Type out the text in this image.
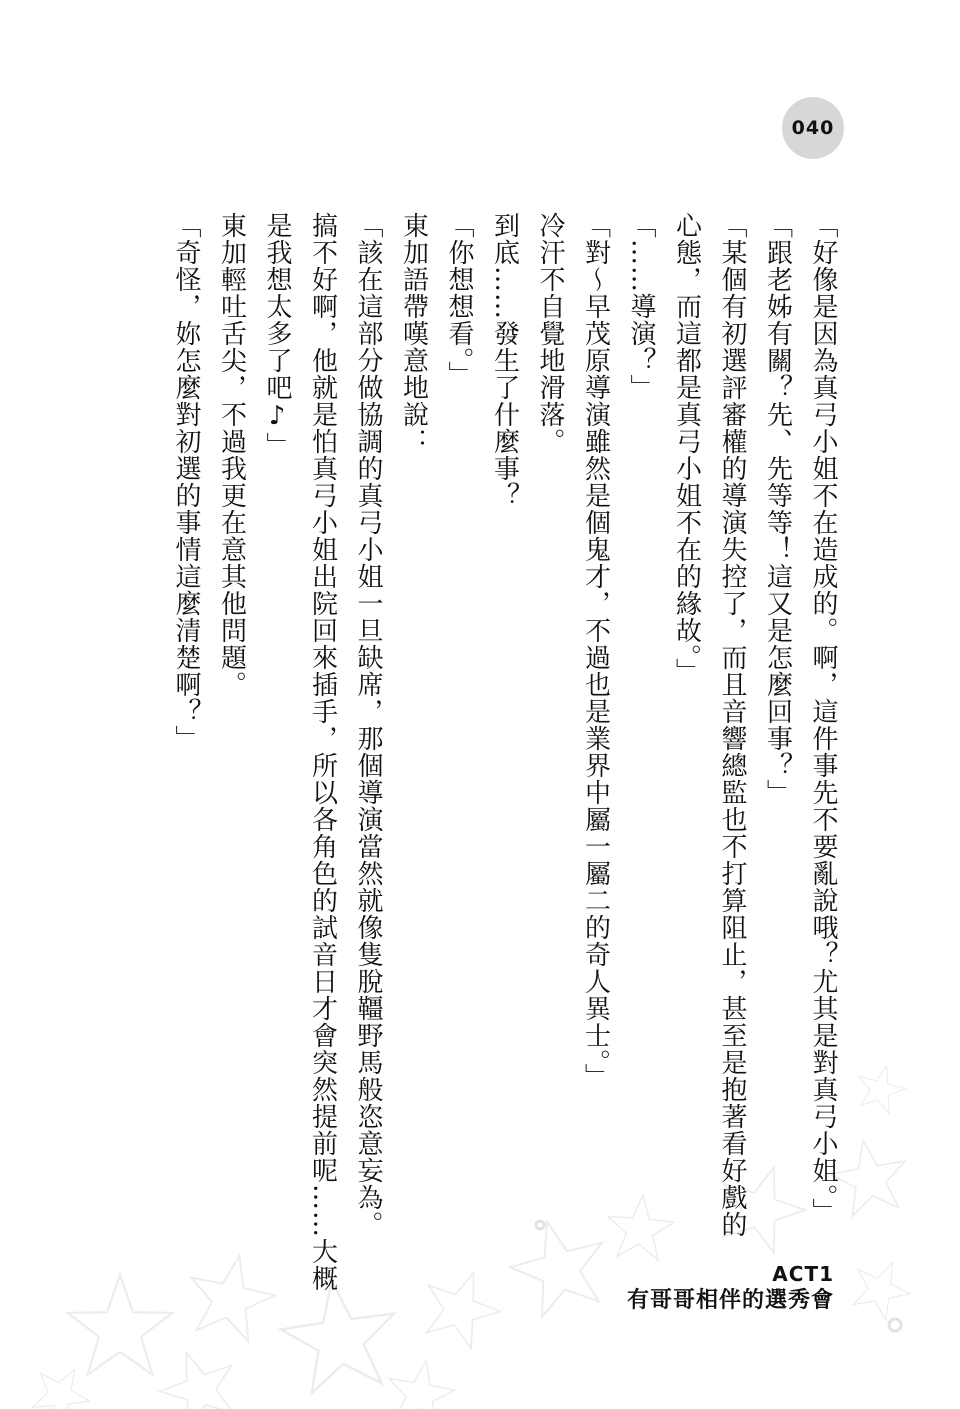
040
「好像是因為真弓小姐不在造成的。啊，這件事先不要亂說哦？尤其是對真弓小姐。」
「跟老姊有關？先、先等等！這又是怎麼回事？」
「某個有初選評審權的導演失控了，而且音響總監也不打算阻止，甚至是抱著看好戲的
心態，而這都是真弓小姐不在的緣故。」
「……導演？」
「對～早茂原導演雖然是個鬼才，不過也是業界中屬一屬二的奇人異士。」
冷汗不自覺地滑落。
到底……發生了什麼事？
「你想想看。」
東加語帶嘆意地說：
「該在這部分做協調的真弓小姐一旦缺席，那個導演當然就像隻脫韁野馬般恣意妄為。
搞不好啊，他就是怕真弓小姐出院回來插手，所以各角色的試音日才會突然提前呢……大概
是我想太多了吧♪」
東加輕吐舌尖，不過我更在意其他問題。
「奇怪，妳怎麼對初選的事情這麼清楚啊？」
ACT1
有哥哥相伴的選秀會
